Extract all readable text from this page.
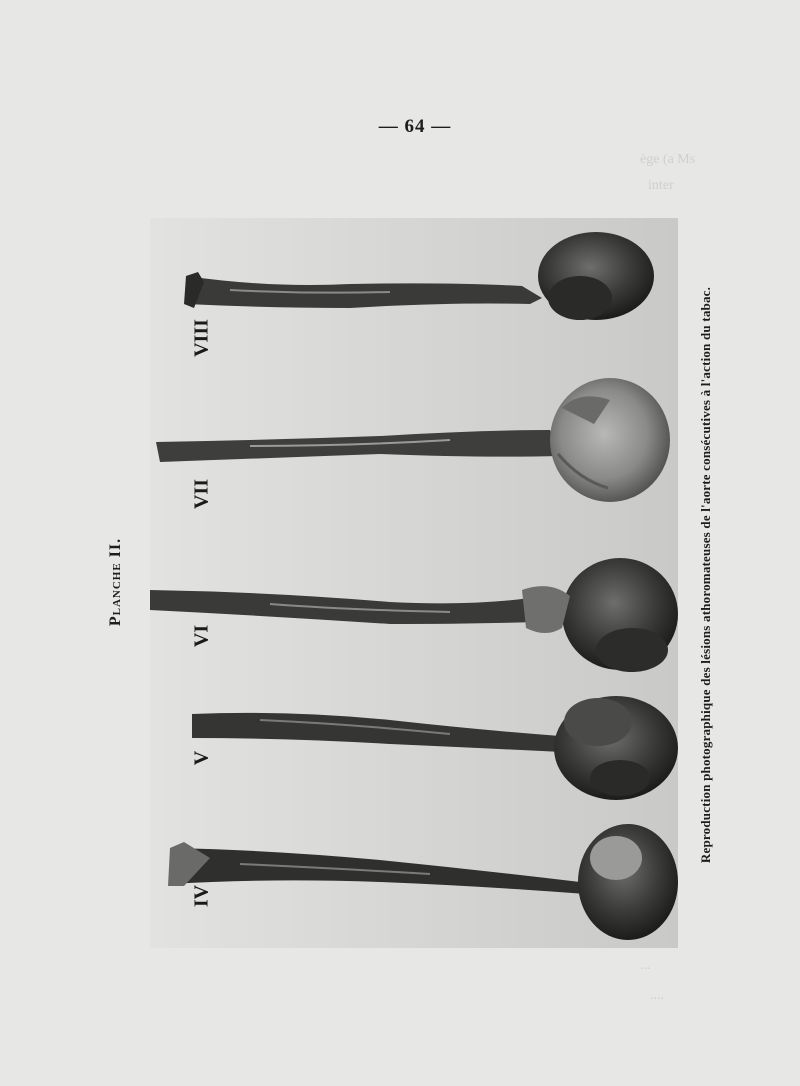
— 64 —
ège (a Ms
inter
...
....
Planche II.
VIII
VII
VI
V
IV
Reproduction photographique des lésions athoromateuses de l'aorte consécutives à l'action du tabac.
